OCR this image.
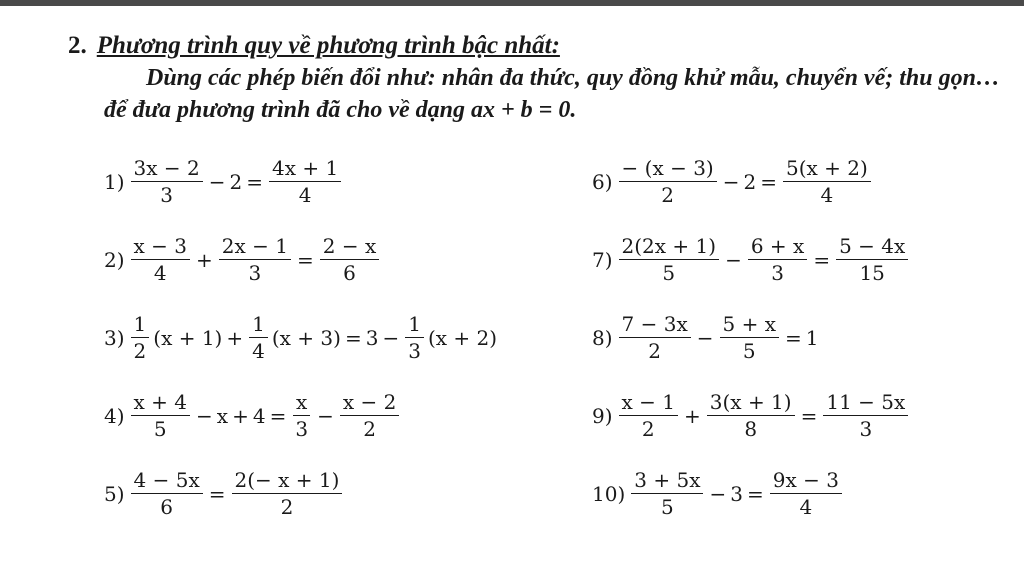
2. Phương trình quy về phương trình bậc nhất:
Dùng các phép biến đổi như: nhân đa thức, quy đồng khử mẫu, chuyển vế; thu gọn…để đưa phương trình đã cho về dạng ax + b = 0.
$1) \frac{3x - 2}{3} - 2 = \frac{4x + 1}{4}$
$2) \frac{x - 3}{4} + \frac{2x - 1}{3} = \frac{2 - x}{6}$
$3) \frac{1}{2} (x + 1) + \frac{1}{4} (x + 3) = 3 - \frac{1}{3} (x + 2)$
$4) \frac{x + 4}{5} - x + 4 = \frac{x}{3} - \frac{x - 2}{2}$
$5) \frac{4 - 5x}{6} = \frac{2(- x + 1)}{2}$
$6) \frac{- (x - 3)}{2} - 2 = \frac{5(x + 2)}{4}$
$7) \frac{2(2x + 1)}{5} - \frac{6 + x}{3} = \frac{5 - 4x}{15}$
$8) \frac{7 - 3x}{2} - \frac{5 + x}{5} = 1$
$9) \frac{x - 1}{2} + \frac{3(x + 1)}{8} = \frac{11 - 5x}{3}$
$10) \frac{3 + 5x}{5} - 3 = \frac{9x - 3}{4}$
